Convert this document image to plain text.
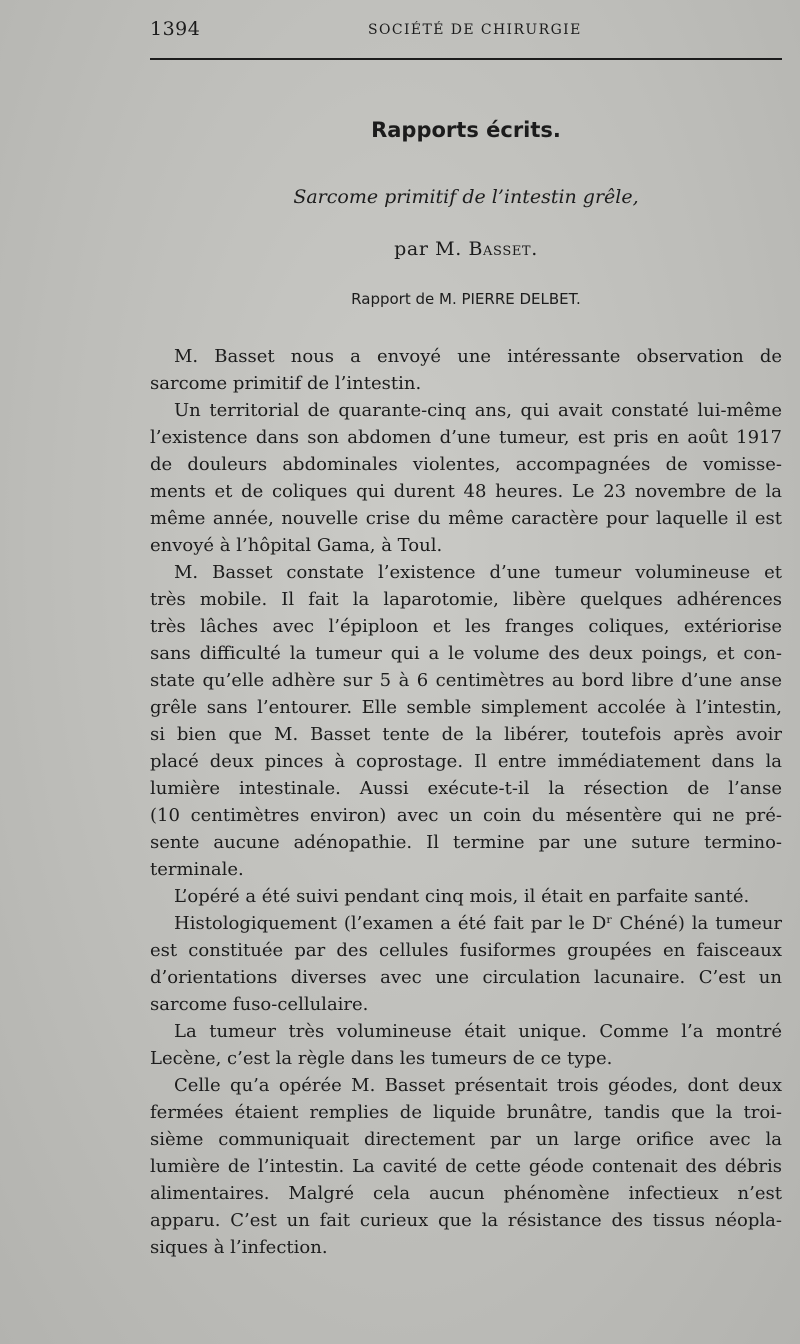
1394	SOCIÉTÉ DE CHIRURGIE
Rapports écrits.
Sarcome primitif de l’intestin grêle,
par M. Basset.
Rapport de M. PIERRE DELBET.
M. Basset nous a envoyé une intéressante observation de
sarcome primitif de l’intestin.
Un territorial de quarante-cinq ans, qui avait constaté lui-même
l’existence dans son abdomen d’une tumeur, est pris en août 1917
de douleurs abdominales violentes, accompagnées de vomisse-
ments et de coliques qui durent 48 heures. Le 23 novembre de la
même année, nouvelle crise du même caractère pour laquelle il est
envoyé à l’hôpital Gama, à Toul.
M. Basset constate l’existence d’une tumeur volumineuse et
très mobile. Il fait la laparotomie, libère quelques adhérences
très lâches avec l’épiploon et les franges coliques, extériorise
sans difficulté la tumeur qui a le volume des deux poings, et con-
state qu’elle adhère sur 5 à 6 centimètres au bord libre d’une anse
grêle sans l’entourer. Elle semble simplement accolée à l’intestin,
si bien que M. Basset tente de la libérer, toutefois après avoir
placé deux pinces à coprostage. Il entre immédiatement dans la
lumière intestinale. Aussi exécute-t-il la résection de l’anse
(10 centimètres environ) avec un coin du mésentère qui ne pré-
sente aucune adénopathie. Il termine par une suture termino-
terminale.
L’opéré a été suivi pendant cinq mois, il était en parfaite santé.
Histologiquement (l’examen a été fait par le Dʳ Chéné) la tumeur
est constituée par des cellules fusiformes groupées en faisceaux
d’orientations diverses avec une circulation lacunaire. C’est un
sarcome fuso-cellulaire.
La tumeur très volumineuse était unique. Comme l’a montré
Lecène, c’est la règle dans les tumeurs de ce type.
Celle qu’a opérée M. Basset présentait trois géodes, dont deux
fermées étaient remplies de liquide brunâtre, tandis que la troi-
sième communiquait directement par un large orifice avec la
lumière de l’intestin. La cavité de cette géode contenait des débris
alimentaires. Malgré cela aucun phénomène infectieux n’est
apparu. C’est un fait curieux que la résistance des tissus néopla-
siques à l’infection.
